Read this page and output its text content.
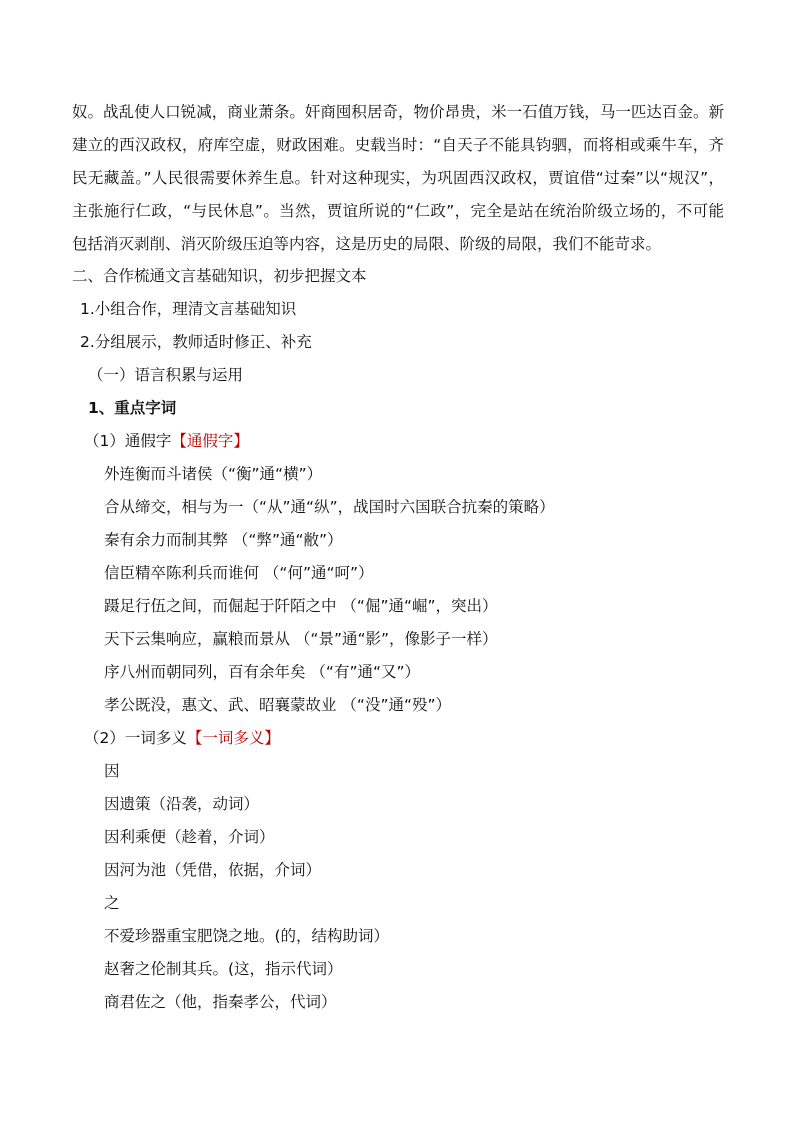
奴。战乱使人口锐减，商业萧条。奸商囤积居奇，物价昂贵，米一石值万钱，马一匹达百金。新建立的西汉政权，府库空虚，财政困难。史载当时：“自天子不能具钧驷，而将相或乘牛车，齐民无藏盖。”人民很需要休养生息。针对这种现实，为巩固西汉政权，贾谊借“过秦”以“规汉”，主张施行仁政，“与民休息”。当然，贾谊所说的“仁政”，完全是站在统治阶级立场的，不可能包括消灭剥削、消灭阶级压迫等内容，这是历史的局限、阶级的局限，我们不能苛求。

二、合作梳通文言基础知识，初步把握文本

1.小组合作，理清文言基础知识

2.分组展示，教师适时修正、补充

（一）语言积累与运用

1、重点字词

（1）通假字【通假字】

外连衡而斗诸侯（“衡”通“横”）

合从缔交，相与为一（“从”通“纵”，战国时六国联合抗秦的策略）

秦有余力而制其弊 （“弊”通“敝”）

信臣精卒陈利兵而谁何 （“何”通“呵”）

蹑足行伍之间，而倔起于阡陌之中 （“倔”通“崛”，突出）

天下云集响应，赢粮而景从 （“景”通“影”，像影子一样）

序八州而朝同列，百有余年矣 （“有”通“又”）

孝公既没，惠文、武、昭襄蒙故业 （“没”通“殁”）

（2）一词多义【一词多义】

因

因遗策（沿袭，动词）

因利乘便（趁着，介词）

因河为池（凭借，依据，介词）

之

不爱珍器重宝肥饶之地。(的，结构助词）

赵奢之伦制其兵。(这，指示代词）

商君佐之（他，指秦孝公，代词）
